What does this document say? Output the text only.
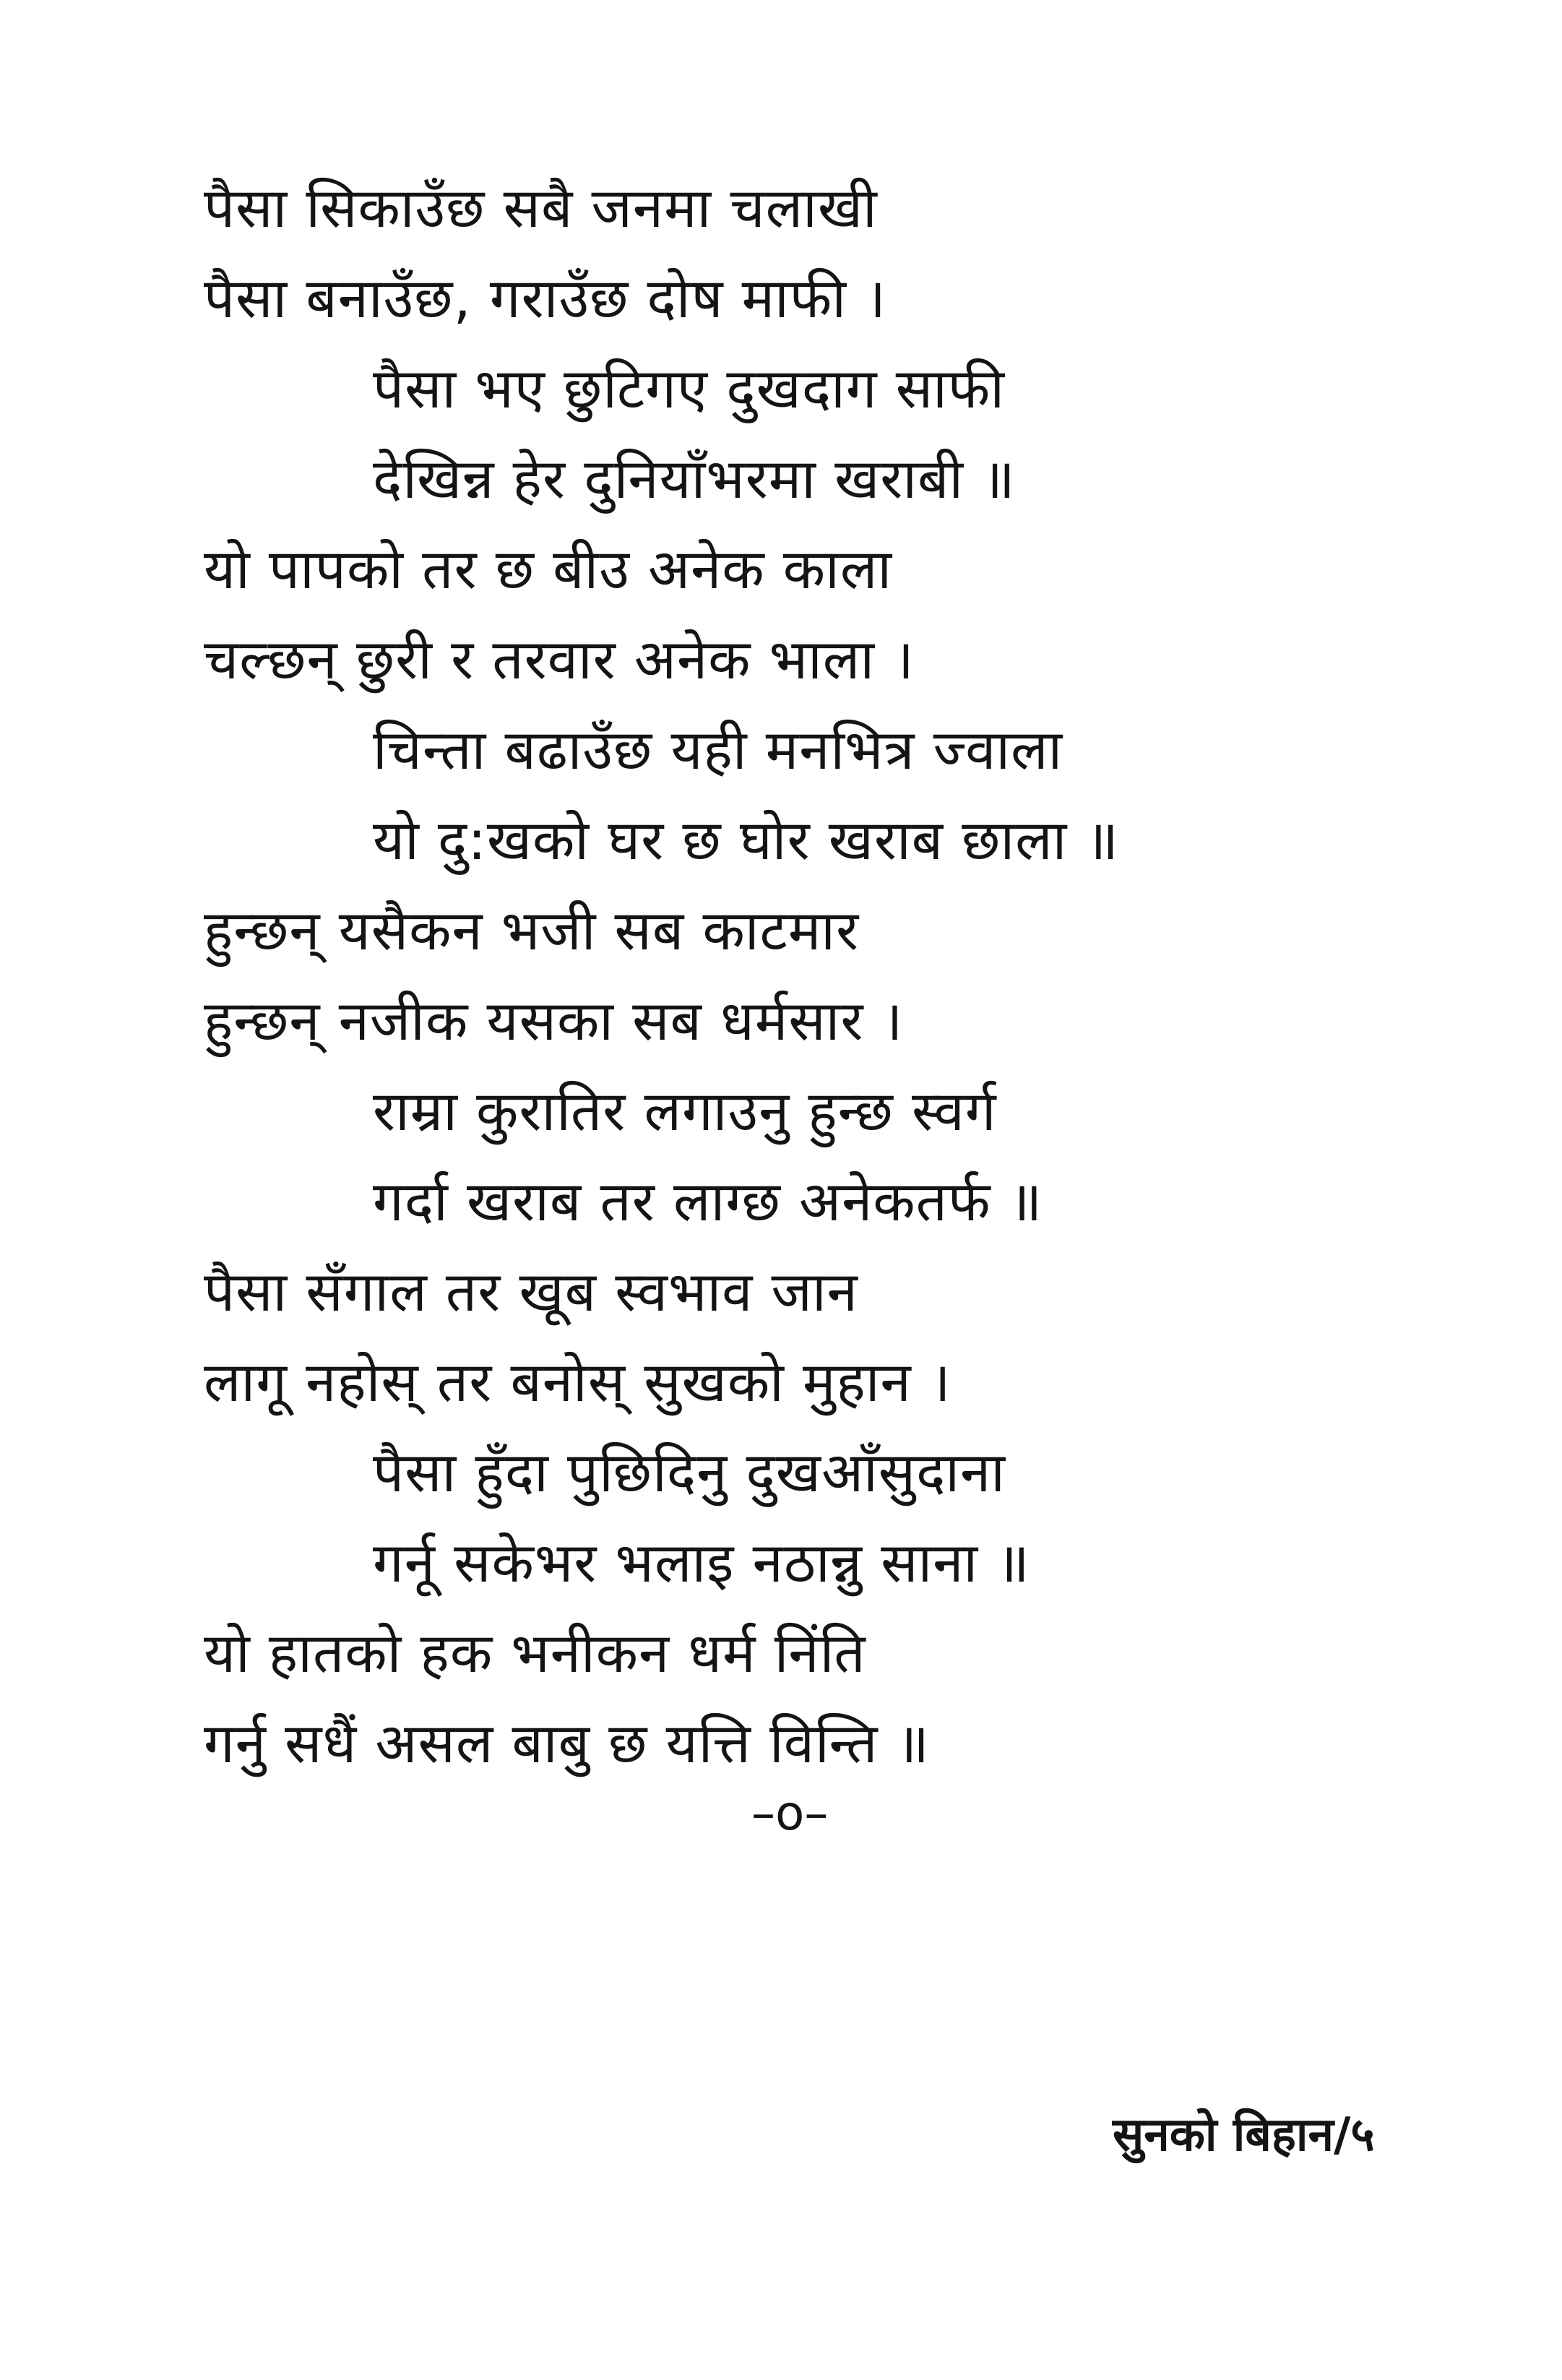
पैसा सिकाउँछ सबै जनमा चलाखी
पैसा बनाउँछ, गराउँछ दोष माफी ।
पैसा भए छुटिगए दुखदाग साफी
देखिन्न हेर दुनियाँभरमा खराबी ॥
यो पापको तर छ बीउ अनेक काला
चल्छन् छुरी र तरवार अनेक भाला ।
चिन्ता बढाउँछ यही मनभित्र ज्वाला
यो दु:खको घर छ घोर खराब छाला ॥
हुन्छन् यसैकन भजी सब काटमार
हुन्छन् नजीक यसका सब धर्मसार ।
राम्रा कुरातिर लगाउनु हुन्छ स्वर्ग
गर्दा खराब तर लाग्छ अनेकतर्फ ॥
पैसा सँगाल तर खूब स्वभाव जान
लागू नहोस् तर बनोस् सुखको मुहान ।
पैसा हुँदा पुछिदिनु दुखआँसुदाना
गर्नू सकेभर भलाइ नठान्नु साना ॥
यो हातको हक भनीकन धर्म निंति
गर्नु सधैं असल बाबु छ यत्ति विन्ति ॥
–o–
सुनको बिहान/५
